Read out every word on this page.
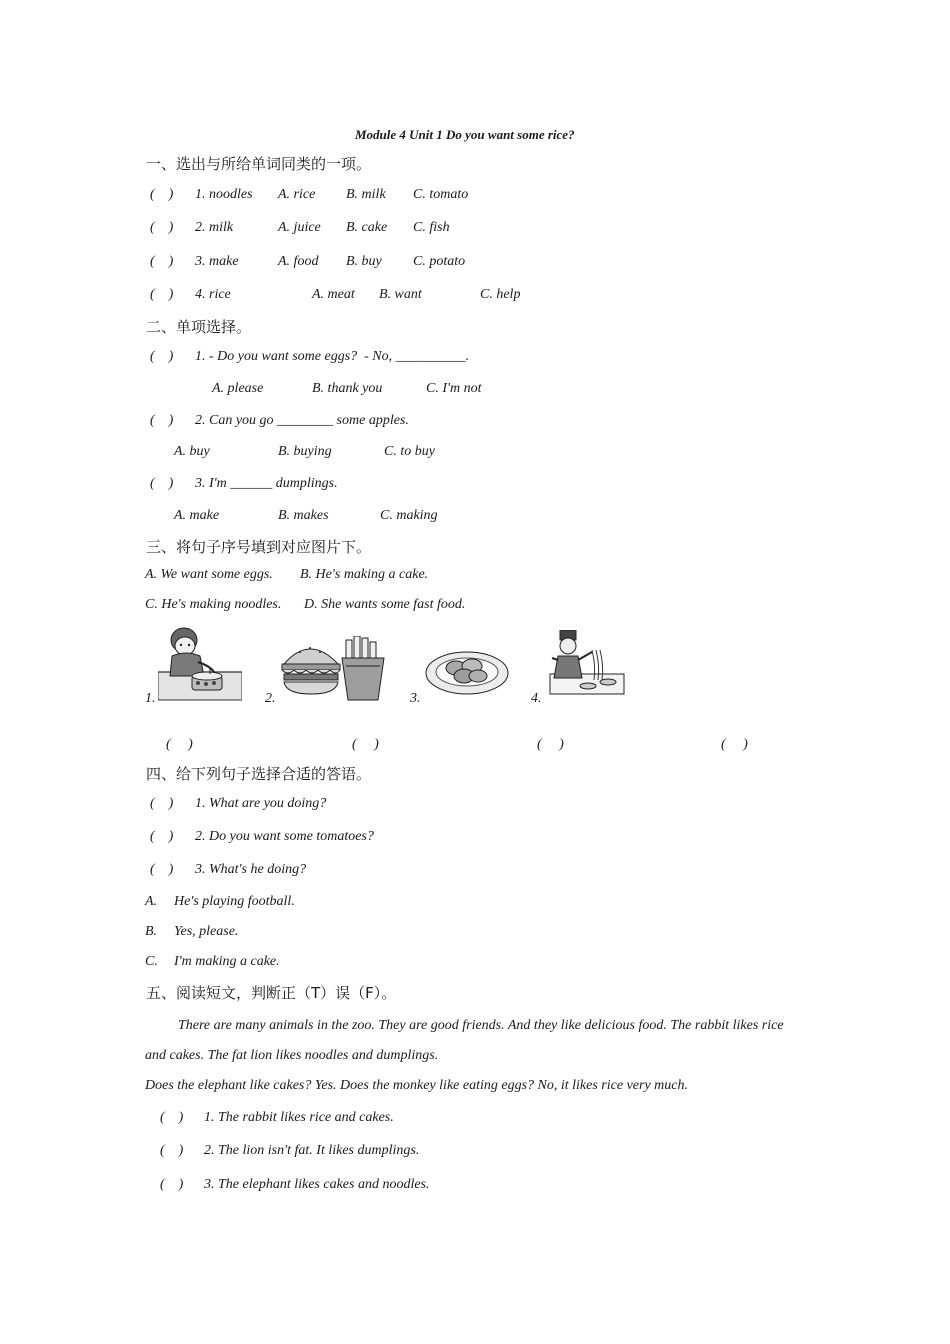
Module 4 Unit 1 Do you want some rice?
一、选出与所给单词同类的一项。
(    ) 1. noodles A. rice B. milk C. tomato
(    ) 2. milk	A. juice B. cake C. fish
(    ) 3. make	A. food B. buy C. potato
(    ) 4. rice	A. meat B. want	C. help
二、单项选择。
(    ) 1. - Do you want some eggs?  - No, __________.
A. please	B. thank you	C. I'm not
(    ) 2. Can you go ________ some apples.
A. buy	B. buying	C. to buy
(    ) 3. I'm ______ dumplings.
A. make	B. makes	C. making
三、将句子序号填到对应图片下。
A. We want some eggs. B. He's making a cake.
C. He's making noodles. D. She wants some fast food.
1.	2.	3.	4.
(     )	(     )	(     )	(     )
四、给下列句子选择合适的答语。
(    ) 1. What are you doing?
(    ) 2. Do you want some tomatoes?
(    ) 3. What's he doing?
A. He's playing football.
B. Yes, please.
C. I'm making a cake.
五、阅读短文，判断正（T）误（F）。
There are many animals in the zoo. They are good friends. And they like delicious food. The rabbit likes rice
and cakes. The fat lion likes noodles and dumplings.
Does the elephant like cakes? Yes. Does the monkey like eating eggs? No, it likes rice very much.
(    ) 1. The rabbit likes rice and cakes.
(    ) 2. The lion isn't fat. It likes dumplings.
(    ) 3. The elephant likes cakes and noodles.
